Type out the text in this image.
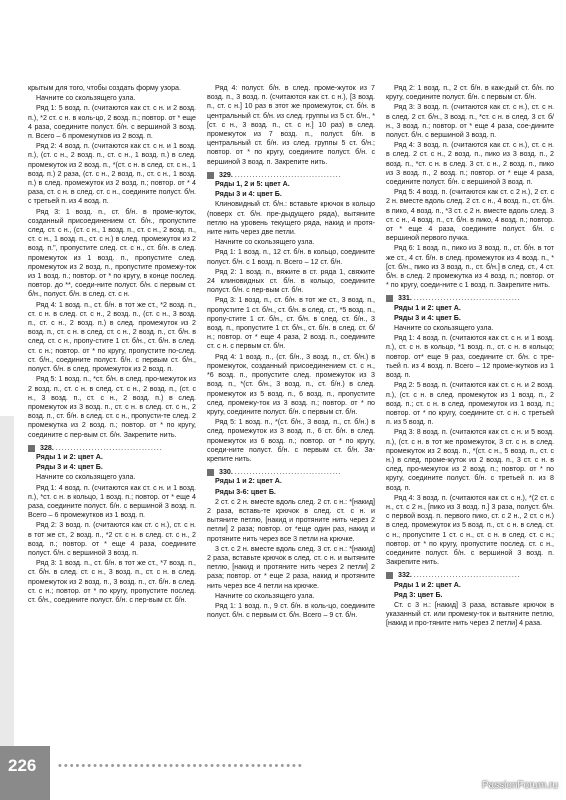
крытым для того, чтобы создать форму узора.

Начните со скользящего узла.

Ряд 1: 5 возд. п. (считаются как ст. с н. и 2 возд. п.), *2 ст. с н. в коль-цо, 2 возд. п.; повтор. от * еще 4 раза, соедините полуст. б/н. с вершиной 3 возд. п. Всего – 6 промежутков из 2 возд. п.

Ряд 2: 4 возд. п. (считаются как ст. с н. и 1 возд. п.), (ст. с н., 2 возд. п., ст. с н., 1 возд. п.) в след. промежуток из 2 возд. п., *(ст. с н. в след. ст. с н., 1 возд. п.) 2 раза, (ст. с н., 2 возд. п., ст. с н., 1 возд. п.) в след. промежуток из 2 возд. п.; повтор. от * 4 раза, ст. с н. в след. ст. с н., соедините полуст. б/н. с третьей п. из 4 возд. п.

Ряд 3: 1 возд. п., ст. б/н. в проме-жуток, созданный присоединением ст. б/н., пропустите след. ст. с н., (ст. с н., 1 возд. п., ст. с н., 2 возд. п., ст. с н., 1 возд. п., ст. с н.) в след. промежуток из 2 возд. п.", пропустите след. ст. с н., ст. б/н. в след. промежуток из 1 возд. п., пропустите след. промежуток из 2 возд. п., пропустите промежу-ток из 1 возд. п.; повтор. от * по кругу, в конце послед. повтор. до **, соеди-ните полуст. б/н. с первым ст. б/н., полуст. б/н. в след. ст. с н.

Ряд 4: 1 возд. п., ст. б/н. в тот же ст., *2 возд. п., ст. с н. в след. ст. с н., 2 возд. п., (ст. с н., 3 возд. п., ст. с н., 2 возд. п.) в след. промежуток из 2 возд. п., ст. с н. в след. ст. с н., 2 возд. п., ст. б/н. в след. ст. с н., пропу-стите 1 ст. б/н., ст. б/н. в след. ст. с н.; повтор. от * по кругу, пропустите по-след. ст. б/н., соедините полуст. б/н. с первым ст. б/н., полуст. б/н. в след. промежуток из 2 возд. п.

Ряд 5: 1 возд. п., *ст. б/н. в след. про-межуток из 2 возд. п., ст. с н. в след. ст. с н., 2 возд. п., (ст. с н., 3 возд. п., ст. с н., 2 возд. п.) в след. промежуток из 3 возд. п., ст. с н. в след. ст. с н., 2 возд. п., ст. б/н. в след. ст. с н., пропусти-те след. 2 промежутка из 2 возд. п.; повтор. от * по кругу, соедините с пер-вым ст. б/н. Закрепите нить.

328. ....................................

Ряды 1 и 2: цвет А.

Ряды 3 и 4: цвет Б.

Начните со скользящего узла.

Ряд 1: 4 возд. п. (считаются как ст. с н. и 1 возд. п.), *ст. с н. в кольцо, 1 возд. п.; повтор. от * еще 4 раза, соедините полуст. б/н. с вершиной 3 возд. п. Всего – 6 промежутков из 1 возд. п.

Ряд 2: 3 возд. п. (считаются как ст. с н.), ст. с н. в тот же ст., 2 возд. п., *2 ст. с н. в след. ст. с н., 2 возд. п.; повтор. от * еще 4 раза, соедините полуст. б/н. с вершиной 3 возд. п.

Ряд 3: 1 возд. п., ст. б/н. в тот же ст., *7 возд. п., ст. б/н. в след. ст. с н., 3 возд. п., ст. с н. в след. промежуток из 2 возд. п., 3 возд. п., ст. б/н. в след. ст. с н.; повтор. от * по кругу, пропустите послед. ст. б/н., соедините полуст. б/н. с пер-вым ст. б/н.

Ряд 4: полуст. б/н. в след. проме-жуток из 7 возд. п., 3 возд. п. (считаются как ст. с н.), [3 возд. п., ст. с н.] 10 раз в этот же промежуток, ст. б/н. в центральный ст. б/н. из след. группы из 5 ст. б/н., *[ст. с н., 3 возд. п., ст. с н.] 10 раз) в след. промежуток из 7 возд. п., полуст. б/н. в центральный ст. б/н. из след. группы 5 ст. б/н.; повтор. от * по кругу, соедините полуст. б/н. с вершиной 3 возд. п. Закрепите нить.

329. ....................................

Ряды 1, 2 и 5: цвет А.

Ряды 3 и 4: цвет Б.

Клиновидный ст. б/н.: вставьте крючок в кольцо (поверх ст. б/н. пре-дыдущего ряда), вытяните петлю на уровень текущего ряда, накид и протя-ните нить через две петли.

Начните со скользящего узла.

Ряд 1: 1 возд. п., 12 ст. б/н. в кольцо, соедините полуст. б/н. с 1 возд. п. Всего – 12 ст. б/н.

Ряд 2: 1 возд. п., вяжите в ст. ряда 1, свяжите 24 клиновидных ст. б/н. в кольцо, соедините полуст. б/н. с пер-вым ст. б/н.

Ряд 3: 1 возд. п., ст. б/н. в тот же ст., 3 возд. п., пропустите 1 ст. б/н., ст. б/н. в след. ст., *5 возд. п., пропу-стите 1 ст. б/н., ст. б/н. в след. ст. б/н., 3 возд. п., пропустите 1 ст. б/н., ст. б/н. в след. ст. б/н.; повтор. от * еще 4 раза, 2 возд. п., соедините ст. с н. с первым ст. б/н.

Ряд 4: 1 возд. п., (ст. б/н., 3 возд. п., ст. б/н.) в промежуток, созданный присоединением ст. с н., *6 возд. п., пропустите след. промежуток из 3 возд. п., *(ст. б/н., 3 возд. п., ст. б/н.) в след. промежуток из 5 возд. п., 6 возд. п., пропустите след. промежу-ток из 3 возд. п.; повтор. от * по кругу, соедините полуст. б/н. с первым ст. б/н.

Ряд 5: 1 возд. п., *(ст. б/н., 3 возд. п., ст. б/н.) в след. промежуток из 3 возд. п., 6 ст. б/н. в след. промежуток из 6 возд. п.; повтор. от * по кругу, соеди-ните полуст. б/н. с первым ст. б/н. За-крепите нить.

330. ....................................

Ряды 1 и 2: цвет А.

Ряды 3-6: цвет Б.

2 ст. с 2 н. вместе вдоль след. 2 ст. с н.: *[накид] 2 раза, вставь-те крючок в след. ст. с н. и вытяните петлю, [накид и протяните нить через 2 петли] 2 раза; повтор. от *еще один раз, накид и протяните нить через все 3 петли на крючке.

3 ст. с 2 н. вместе вдоль след. 3 ст. с н.: *[накид] 2 раза, вставьте крючок в след. ст. с н. и вытяните петлю, [накид и протяните нить через 2 петли] 2 раза; повтор. от * еще 2 раза, накид и протяните нить через все 4 петли на крючке.

Начните со скользящего узла.

Ряд 1: 1 возд. п., 9 ст. б/н. в коль-цо, соедините полуст. б/н. с первым ст. б/н. Всего – 9 ст. б/н.

Ряд 2: 1 возд. п., 2 ст. б/н. в каж-дый ст. б/н. по кругу, соедините полуст. б/н. с первым ст. б/н.

Ряд 3: 3 возд. п. (считаются как ст. с н.), ст. с н. в след. 2 ст. б/н., 3 возд. п., *ст. с н. в след. 3 ст. б/н., 3 возд. п.; повтор. от * еще 4 раза, сое-дините полуст. б/н. с вершиной 3 возд. п.

Ряд 4: 3 возд. п. (считаются как ст. с н.), ст. с н. в след. 2 ст. с н., 2 возд. п., пико из 3 возд. п., 2 возд. п., *ст. с н. в след. 3 ст. с н., 2 возд. п., пико из 3 возд. п., 2 возд. п.; повтор. от * еще 4 раза, соедините полуст. б/н. с вершиной 3 возд. п.

Ряд 5: 4 возд. п. (считаются как ст. с 2 н.), 2 ст. с 2 н. вместе вдоль след. 2 ст. с н., 4 возд. п., ст. б/н. в пико, 4 возд. п., *3 ст. с 2 н. вместе вдоль след. 3 ст. с н., 4 возд. п., ст. б/н. в пико, 4 возд. п.; повтор. от * еще 4 раза, соедините полуст. б/н. с вершиной первого пучка.

Ряд 6: 1 возд. п., пико из 3 возд. п., ст. б/н. в тот же ст., 4 ст. б/н. в след. промежуток из 4 возд. п., *[ст. б/н., пико из 3 возд. п., ст. б/н.] в след. ст., 4 ст. б/н. в след. 2 промежутка из 4 возд. п.; повтор. от * по кругу, соеди-ните с 1 возд. п. Закрепите нить.

331. ....................................

Ряды 1 и 2: цвет А.

Ряды 3 и 4: цвет Б.

Начните со скользящего узла.

Ряд 1: 4 возд. п. (считаются как ст. с н. и 1 возд. п.), ст. с н. в кольцо, *1 возд. п., ст. с н. в кольцо; повтор. от* еще 9 раз, соедините ст. б/н. с тре-тьей п. из 4 возд. п. Всего – 12 проме-жутков из 1 возд. п.

Ряд 2: 5 возд. п. (считаются как ст. с н. и 2 возд. п.), (ст. с н. в след. промежуток из 1 возд. п., 2 возд. п.; ст. с н. в след. промежуток из 1 возд. п.; повтор. от * по кругу, соедините ст. с н. с третьей п. из 5 возд. п.

Ряд 3: 8 возд. п. (считаются как ст. с н. и 5 возд. п.), (ст. с н. в тот же промежуток, 3 ст. с н. в след. промежуток из 2 возд. п., *(ст. с н., 5 возд. п., ст. с н.) в след. проме-жуток из 2 возд. п., 3 ст. с н. в след. про-межуток из 2 возд. п.; повтор. от * по кругу, соедините полуст. б/н. с третьей п. из 8 возд. п.

Ряд 4: 3 возд. п. (считаются как ст. с н.), *(2 ст. с н., ст. с 2 н., [пико из 3 возд. п.] 3 раза, полуст. б/н. с первой возд. п. первого пико, ст. с 2 н., 2 ст. с н.) в след. промежуток из 5 возд. п., ст. с н. в след. ст. с н., пропустите 1 ст. с н., ст. с н. в след. ст. с н.; повтор. от * по кругу, пропустите послед. ст. с н., соедините полуст. б/н. с вершиной 3 возд. п. Закрепите нить.

332. ....................................

Ряды 1 и 2: цвет А.

Ряд 3: цвет Б.

Ст. с 3 н.: [накид] 3 раза, вставьте крючок в указанный ст. или промежу-ток и вытяните петлю, [накид и про-тяните нить через 2 петли] 4 раза.

226 ••••••••••••••••••••••••••••••••••••••••••
PassionForum.ru
